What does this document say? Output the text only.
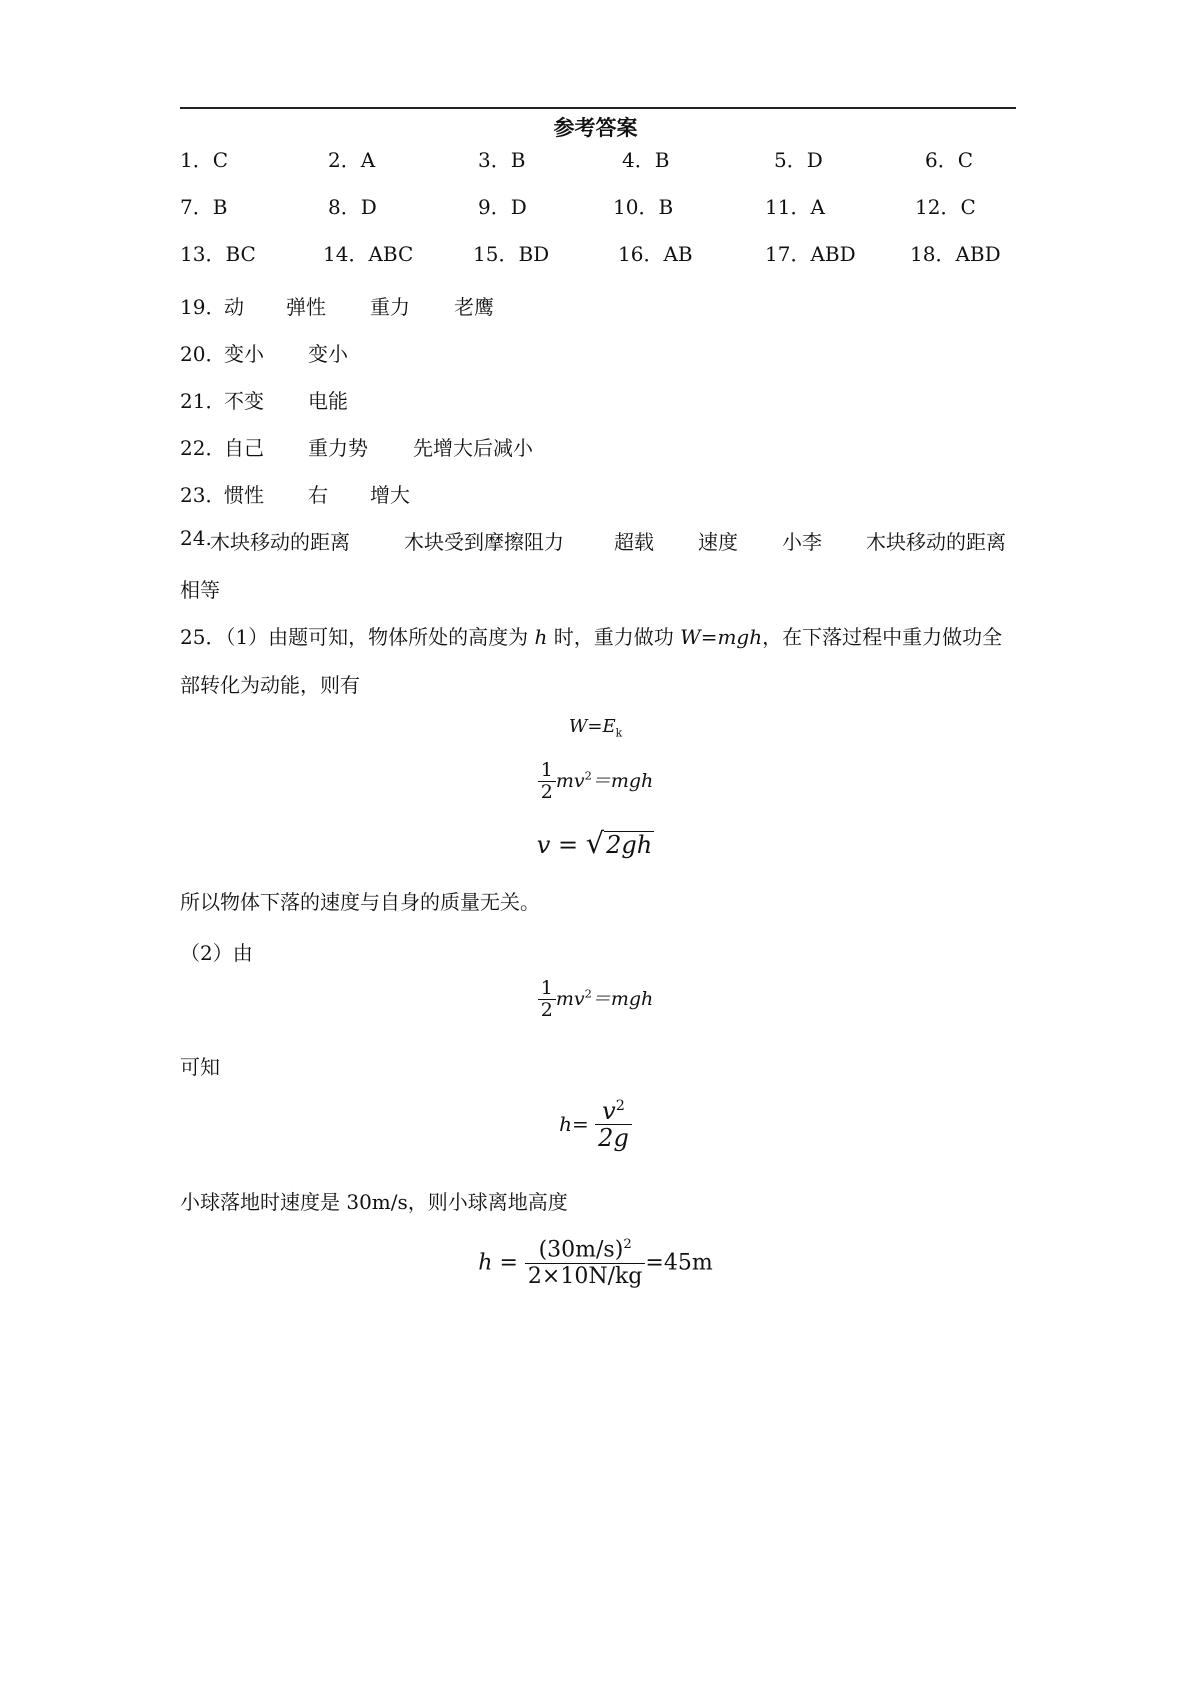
参考答案
1．C	2．A	3．B	4．B	5．D	6．C
7．B	8．D	9．D	10．B	11．A	12．C
13．BC	14．ABC	15．BD	16．AB	17．ABD	18．ABD
19．
动 弹性 重力 老鹰
20．
变小 变小
21．
不变 电能
22．
自己 重力势 先增大后减小
23．
惯性 右 增大
24.
木块移动的距离	木块受到摩擦阻力	超载 速度 小李 木块移动的距离
相等
25．（1）由题可知，物体所处的高度为 h 时，重力做功 W=mgh，在下落过程中重力做功全
部转化为动能，则有
$W=E_k$
$\frac{1}{2} mv^2=mgh$
v = √2gh
所以物体下落的速度与自身的质量无关。
（2）由
$\frac{1}{2} mv^2=mgh$
可知
$h= \frac{v^2}{2g}$
小球落地时速度是 30m/s，则小球离地高度
$h = \frac{(30m/s)^2}{2\times 10N/kg} =45m$
